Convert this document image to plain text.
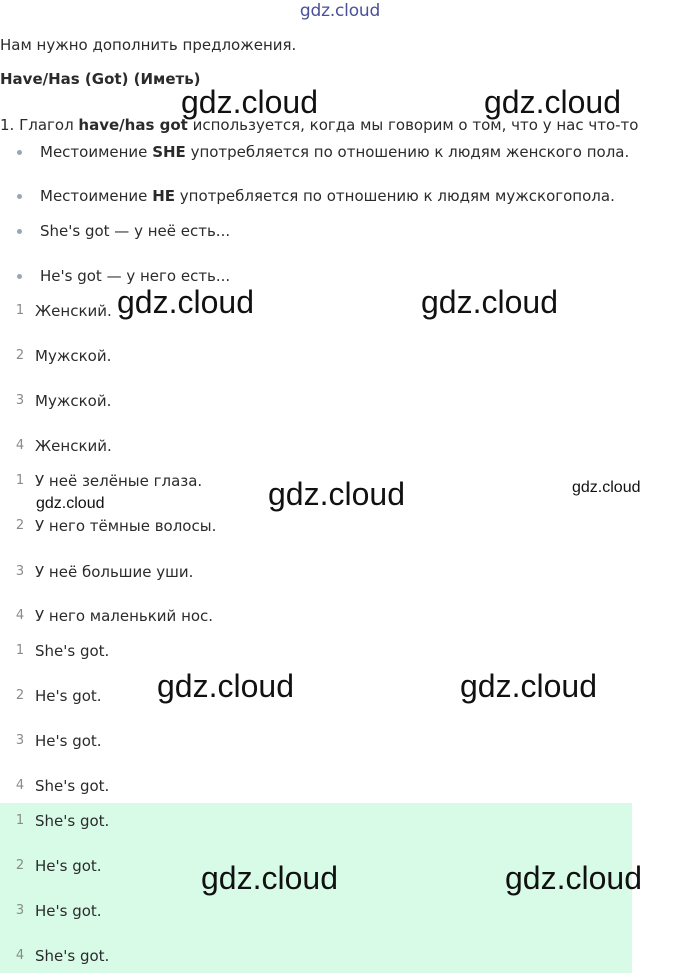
gdz.cloud
Нам нужно дополнить предложения.
Have/Has (Got) (Иметь)
1. Глагол have/has got используется, когда мы говорим о том, что у нас что-то
Местоимение SHE употребляется по отношению к людям женского пола.
Местоимение HE употребляется по отношению к людям мужскогопола.
She's got — у неё есть...
He's got — у него есть...
1 Женский.
2 Мужской.
3 Мужской.
4 Женский.
1 У неё зелёные глаза.
2 У него тёмные волосы.
3 У неё большие уши.
4 У него маленький нос.
1 She's got.
2 He's got.
3 He's got.
4 She's got.
1 She's got.
2 He's got.
3 He's got.
4 She's got.
gdz.cloud	gdz.cloud
gdz.cloud	gdz.cloud
gdz.cloud
gdz.cloud
gdz.cloud
gdz.cloud	gdz.cloud
gdz.cloud	gdz.cloud
